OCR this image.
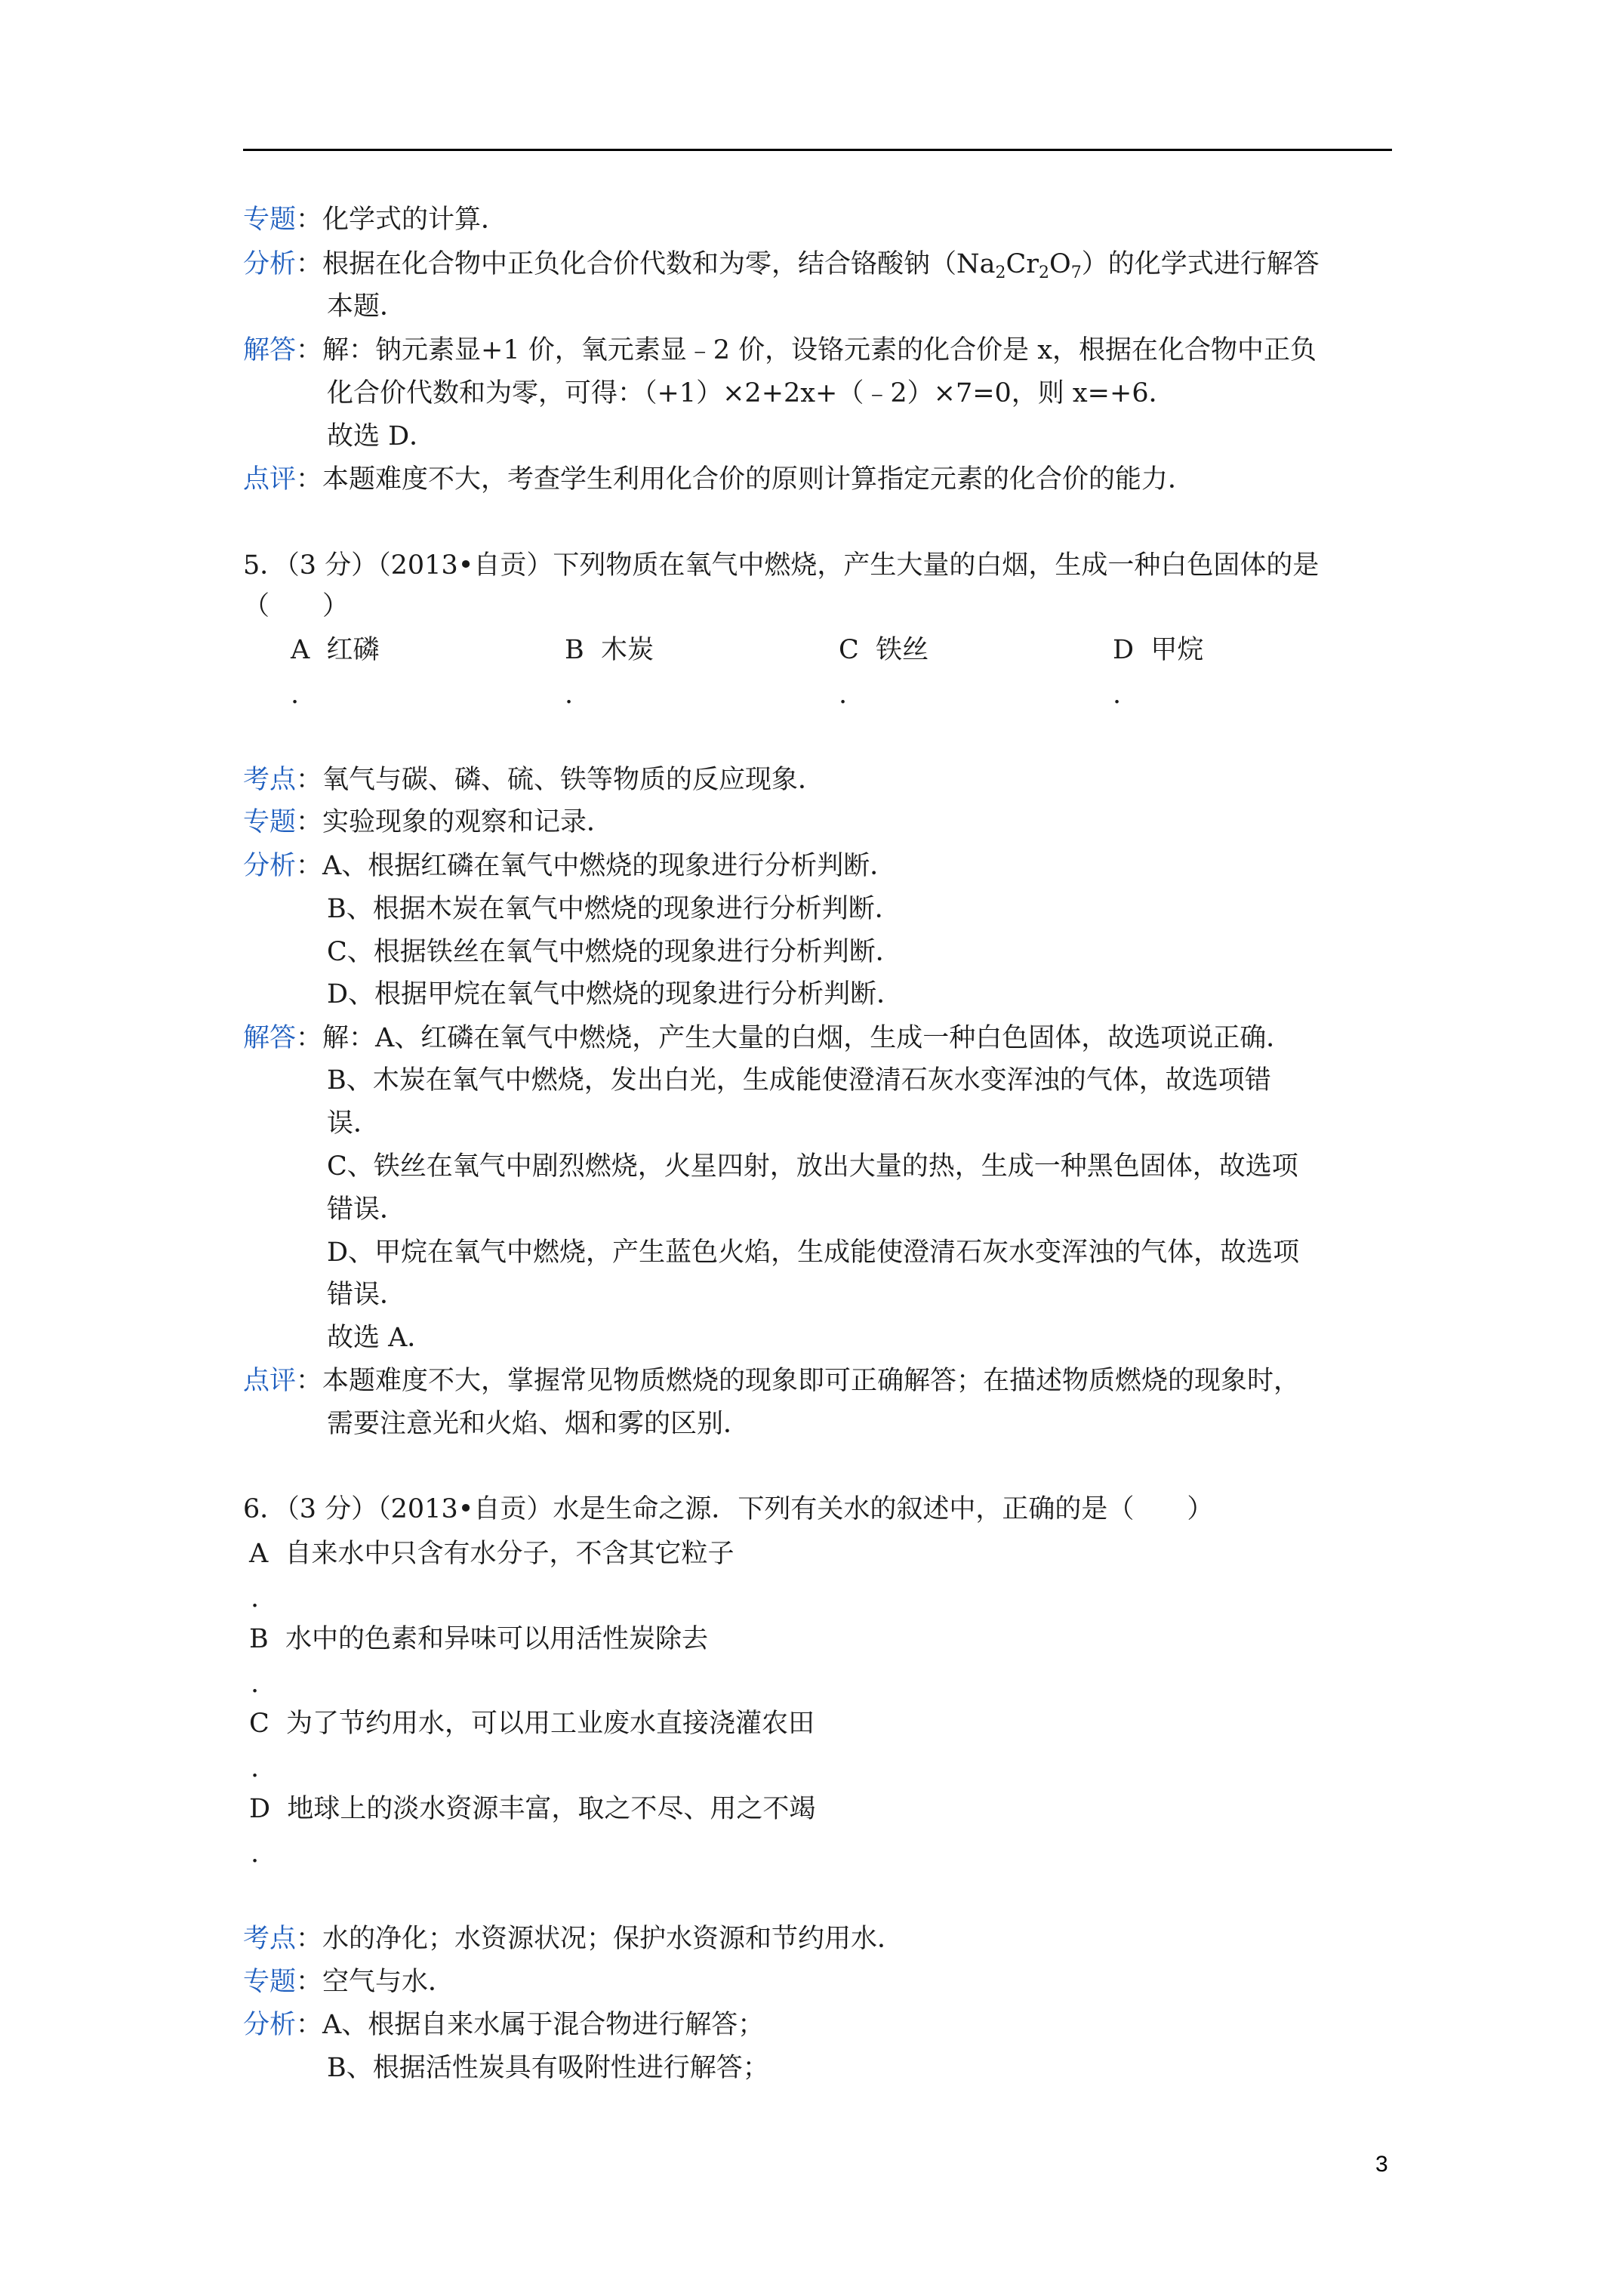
专题：化学式的计算．
分析：根据在化合物中正负化合价代数和为零，结合铬酸钠$(Na_2Cr_2O_7)$的化学式进行解答
本题．
解答：解：钠元素显+1 价，氧元素显﹣2 价，设铬元素的化合价是 x，根据在化合物中正负
化合价代数和为零，可得：（+1）×2+2x+（﹣2）×7=0，则 x=+6．
故选 D．
点评：本题难度不大，考查学生利用化合价的原则计算指定元素的化合价的能力．
5．（3 分）（2013•自贡）下列物质在氧气中燃烧，产生大量的白烟，生成一种白色固体的是
（　　）
A 红磷
.
B 木炭
.
C 铁丝
.
D 甲烷
.
考点：氧气与碳、磷、硫、铁等物质的反应现象．
专题：实验现象的观察和记录．
分析：A、根据红磷在氧气中燃烧的现象进行分析判断．
B、根据木炭在氧气中燃烧的现象进行分析判断．
C、根据铁丝在氧气中燃烧的现象进行分析判断．
D、根据甲烷在氧气中燃烧的现象进行分析判断．
解答：解：A、红磷在氧气中燃烧，产生大量的白烟，生成一种白色固体，故选项说正确．
B、木炭在氧气中燃烧，发出白光，生成能使澄清石灰水变浑浊的气体，故选项错
误．
C、铁丝在氧气中剧烈燃烧，火星四射，放出大量的热，生成一种黑色固体，故选项
错误．
D、甲烷在氧气中燃烧，产生蓝色火焰，生成能使澄清石灰水变浑浊的气体，故选项
错误．
故选 A．
点评：本题难度不大，掌握常见物质燃烧的现象即可正确解答；在描述物质燃烧的现象时，
需要注意光和火焰、烟和雾的区别．
6．（3 分）（2013•自贡）水是生命之源．下列有关水的叙述中，正确的是（　　）
A 自来水中只含有水分子，不含其它粒子
.
B 水中的色素和异味可以用活性炭除去
.
C 为了节约用水，可以用工业废水直接浇灌农田
.
D 地球上的淡水资源丰富，取之不尽、用之不竭
.
考点：水的净化；水资源状况；保护水资源和节约用水．
专题：空气与水．
分析：A、根据自来水属于混合物进行解答；
B、根据活性炭具有吸附性进行解答；
3
